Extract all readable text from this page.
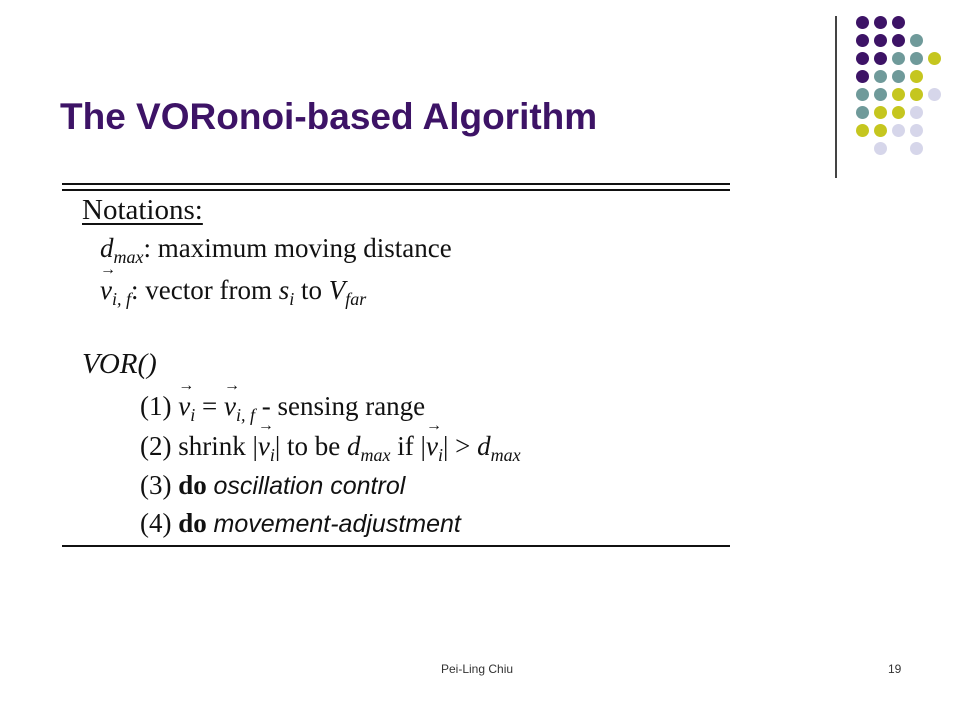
The VORonoi-based Algorithm
Notations:
$d_{max}$: maximum moving distance
→ $v_{i, f}$: vector from $s_i$ to $V_{far}$
VOR()
$(1) \to v_i$ = → $v_{i, f}$ - sensing range
(2) shrink |→ $v_i|$ to be $d_{max}$ if |→ $v_i| > d_{max}$
(3) do oscillation control
(4) do movement-adjustment
Pei-Ling Chiu	19
